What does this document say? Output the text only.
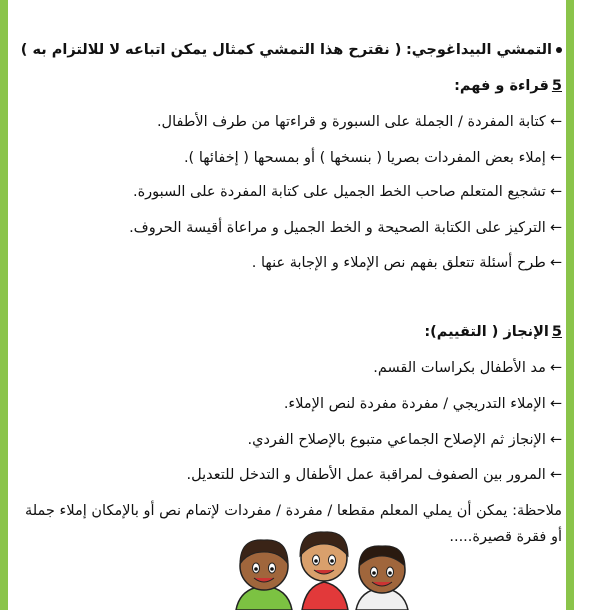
التمشي البيداغوجي: ( نقترح هذا التمشي كمثال يمكن اتباعه لا للالتزام به )
5قراءة و فهم:
←كتابة المفردة / الجملة على السبورة و قراءتها من طرف الأطفال.
←إملاء بعض المفردات بصريا ( بنسخها ) أو بمسحها ( إخفائها ).
←تشجيع المتعلم صاحب الخط الجميل على كتابة المفردة على السبورة.
←التركيز على الكتابة الصحيحة و الخط الجميل و مراعاة أقيسة الحروف.
←طرح أسئلة تتعلق بفهم نص الإملاء و الإجابة عنها .
5الإنجاز ( التقييم):
←مد الأطفال بكراسات القسم.
←الإملاء التدريجي / مفردة مفردة لنص الإملاء.
←الإنجاز ثم الإصلاح الجماعي متبوع بالإصلاح الفردي.
←المرور بين الصفوف لمراقبة عمل الأطفال و التدخل للتعديل.
ملاحظة: يمكن أن يملي المعلم مقطعا / مفردة / مفردات لإتمام نص أو بالإمكان إملاء جملة أو فقرة قصيرة.....
